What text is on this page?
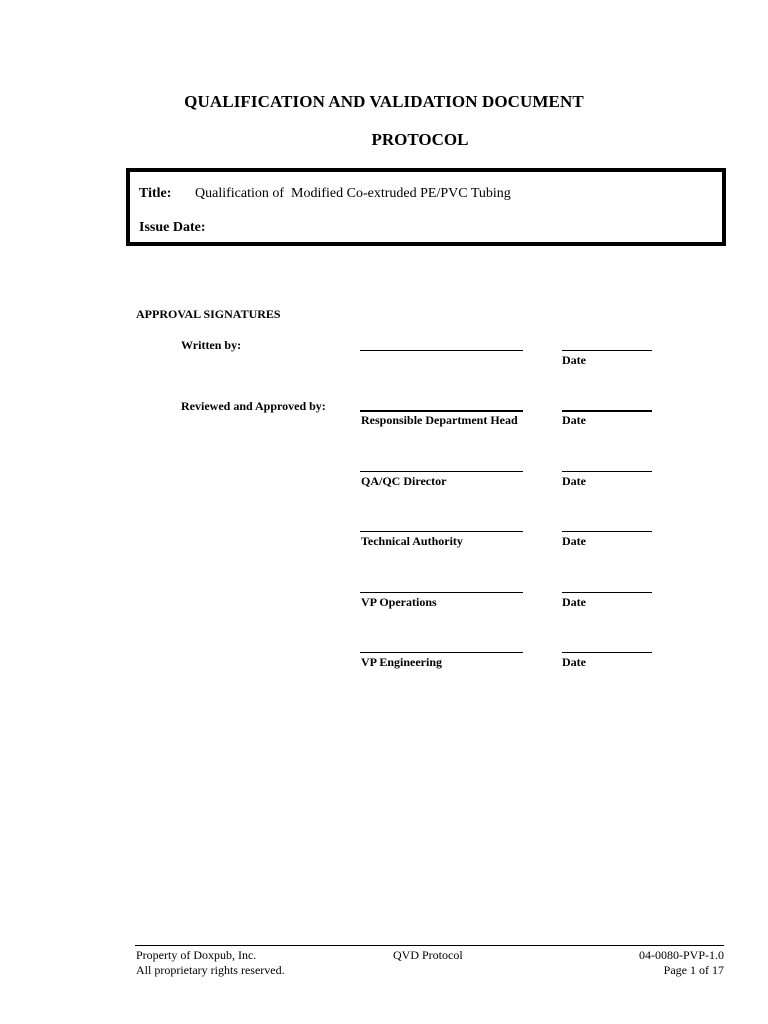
QUALIFICATION AND VALIDATION DOCUMENT
PROTOCOL
Title: Qualification of  Modified Co-extruded PE/PVC Tubing
Issue Date:
APPROVAL SIGNATURES
Written by:
Date
Reviewed and Approved by:
Responsible Department Head	Date
QA/QC Director	Date
Technical Authority	Date
VP Operations	Date
VP Engineering	Date
Property of Doxpub, Inc.
All proprietary rights reserved.
QVD Protocol	04-0080-PVP-1.0
Page 1 of 17
